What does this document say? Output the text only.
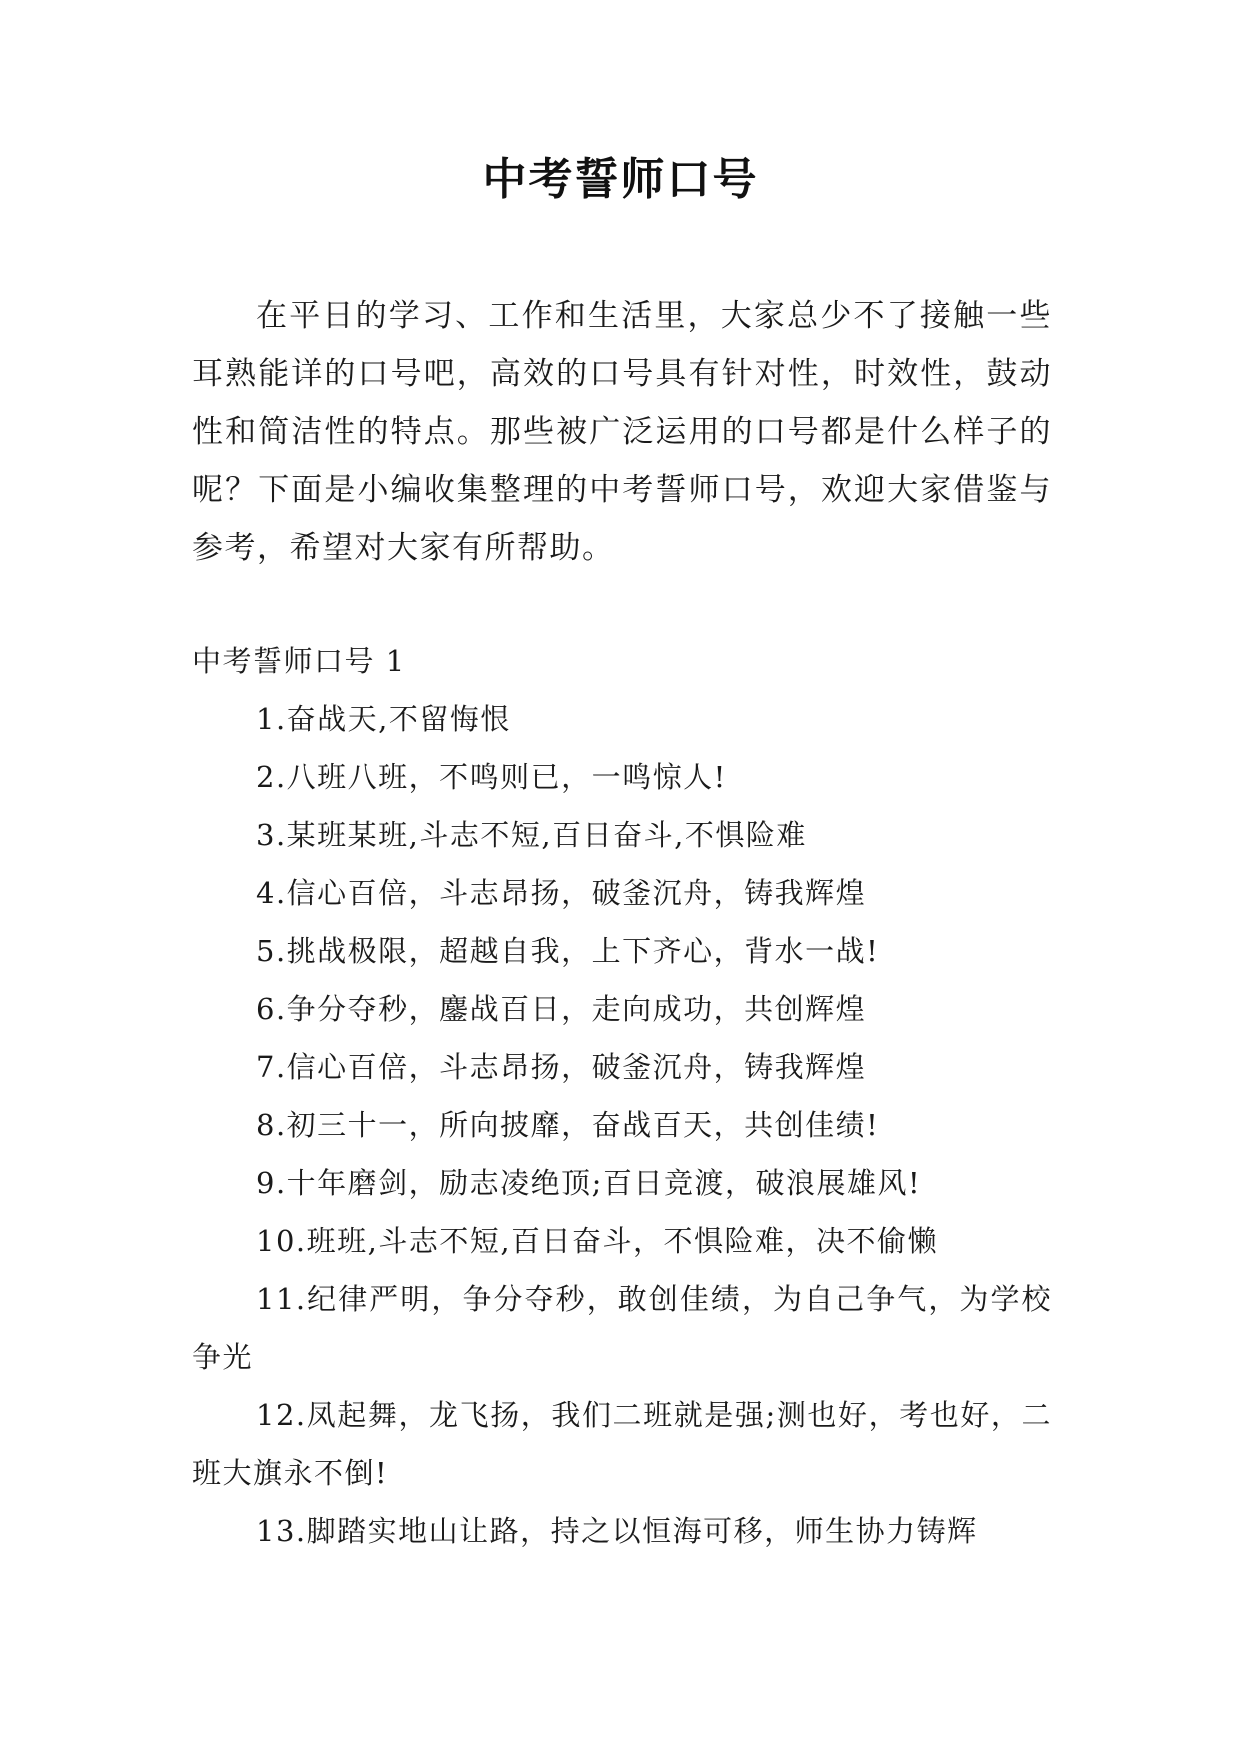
中考誓师口号

在平日的学习、工作和生活里，大家总少不了接触一些耳熟能详的口号吧，高效的口号具有针对性，时效性，鼓动性和简洁性的特点。那些被广泛运用的口号都是什么样子的呢？下面是小编收集整理的中考誓师口号，欢迎大家借鉴与参考，希望对大家有所帮助。

中考誓师口号 1

1.奋战天,不留悔恨

2.八班八班，不鸣则已，一鸣惊人!

3.某班某班,斗志不短,百日奋斗,不惧险难

4.信心百倍，斗志昂扬，破釜沉舟，铸我辉煌

5.挑战极限，超越自我，上下齐心，背水一战!

6.争分夺秒，鏖战百日，走向成功，共创辉煌

7.信心百倍，斗志昂扬，破釜沉舟，铸我辉煌

8.初三十一，所向披靡，奋战百天，共创佳绩!

9.十年磨剑，励志凌绝顶;百日竞渡，破浪展雄风!

10.班班,斗志不短,百日奋斗，不惧险难，决不偷懒

11.纪律严明，争分夺秒，敢创佳绩，为自己争气，为学校争光

12.凤起舞，龙飞扬，我们二班就是强;测也好，考也好，二班大旗永不倒!

13.脚踏实地山让路，持之以恒海可移，师生协力铸辉
